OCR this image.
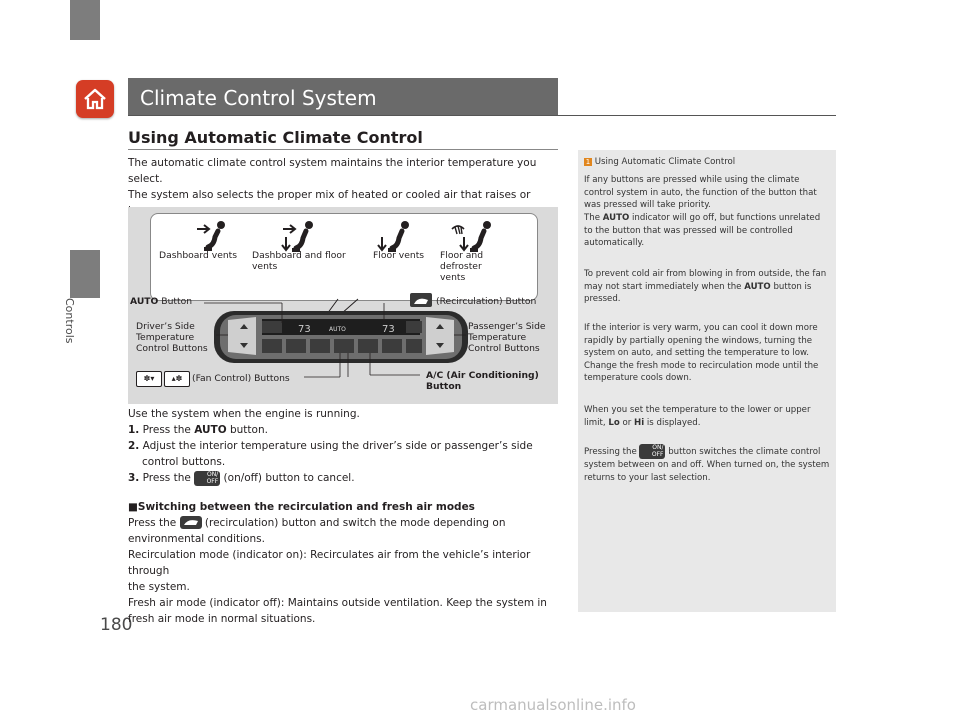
Controls
180
Climate Control System
Using Automatic Climate Control
The automatic climate control system maintains the interior temperature you select.
The system also selects the proper mix of heated or cooled air that raises or
Dashboard vents	Dashboard and floor vents
Floor vents	Floor and defroster vents
AUTO
73	73
AUTO Button	(Recirculation) Button
Driver’s Side Temperature Control Buttons
Passenger’s Side Temperature Control Buttons
✽▾	▴✽	(Fan Control) Buttons	A/C (Air Conditioning) Button
Use the system when the engine is running.
1. Press the AUTO button.
2. Adjust the interior temperature using the driver’s side or passenger’s side control buttons.
3. Press the	ON/
OFF (on/off) button to cancel.
■Switching between the recirculation and fresh air modes
Press the	(recirculation) button and switch the mode depending on
environmental conditions.
Recirculation mode (indicator on): Recirculates air from the vehicle’s interior through
the system.
Fresh air mode (indicator off): Maintains outside ventilation. Keep the system in
fresh air mode in normal situations.
1 Using Automatic Climate Control
If any buttons are pressed while using the climate control system in auto, the function of the button that was pressed will take priority.
The AUTO indicator will go off, but functions unrelated to the button that was pressed will be controlled automatically.
To prevent cold air from blowing in from outside, the fan may not start immediately when the AUTO button is pressed.
If the interior is very warm, you can cool it down more rapidly by partially opening the windows, turning the system on auto, and setting the temperature to low. Change the fresh mode to recirculation mode until the temperature cools down.
When you set the temperature to the lower or upper limit, Lo or Hi is displayed.
Pressing the	ON/
OFF button switches the climate control system between on and off. When turned on, the system returns to your last selection.
carmanualsonline.info
